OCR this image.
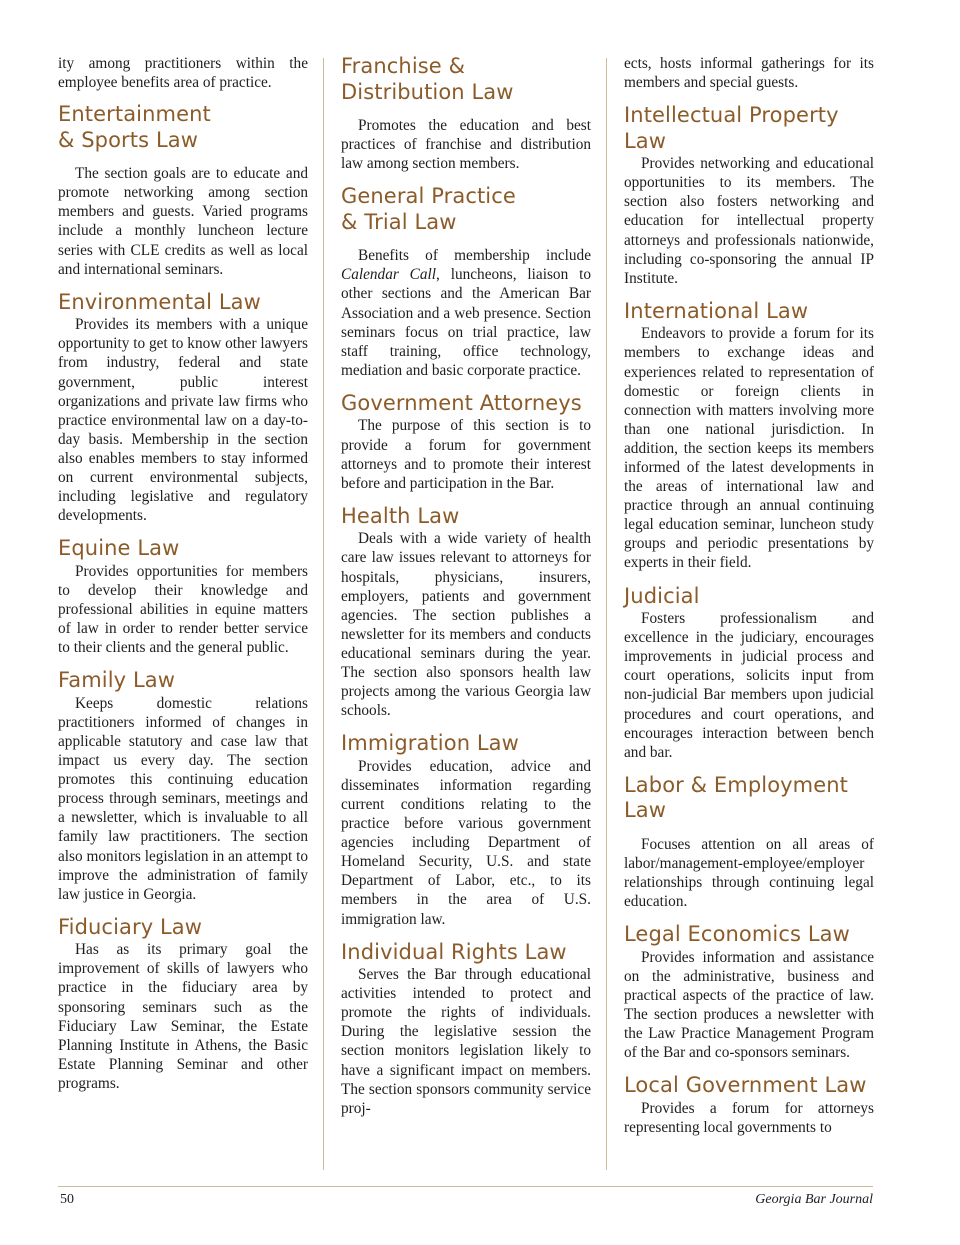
ity among practitioners within the employee benefits area of practice.

Entertainment
& Sports Law

The section goals are to educate and promote networking among section members and guests. Varied programs include a monthly luncheon lecture series with CLE credits as well as local and international seminars.

Environmental Law

Provides its members with a unique opportunity to get to know other lawyers from industry, federal and state government, public interest organizations and private law firms who practice environmental law on a day-to-day basis. Membership in the section also enables members to stay informed on current environmental subjects, including legislative and regulatory developments.

Equine Law

Provides opportunities for members to develop their knowledge and professional abilities in equine matters of law in order to render better service to their clients and the general public.

Family Law

Keeps domestic relations practitioners informed of changes in applicable statutory and case law that impact us every day. The section promotes this continuing education process through seminars, meetings and a newsletter, which is invaluable to all family law practitioners. The section also monitors legislation in an attempt to improve the administration of family law justice in Georgia.

Fiduciary Law

Has as its primary goal the improvement of skills of lawyers who practice in the fiduciary area by sponsoring seminars such as the Fiduciary Law Seminar, the Estate Planning Institute in Athens, the Basic Estate Planning Seminar and other programs.

Franchise &
Distribution Law

Promotes the education and best practices of franchise and distribution law among section members.

General Practice
& Trial Law

Benefits of membership include Calendar Call, luncheons, liaison to other sections and the American Bar Association and a web presence. Section seminars focus on trial practice, law staff training, office technology, mediation and basic corporate practice.

Government Attorneys

The purpose of this section is to provide a forum for government attorneys and to promote their interest before and participation in the Bar.

Health Law

Deals with a wide variety of health care law issues relevant to attorneys for hospitals, physicians, insurers, employers, patients and government agencies. The section publishes a newsletter for its members and conducts educational seminars during the year. The section also sponsors health law projects among the various Georgia law schools.

Immigration Law

Provides education, advice and disseminates information regarding current conditions relating to the practice before various government agencies including Department of Homeland Security, U.S. and state Department of Labor, etc., to its members in the area of U.S. immigration law.

Individual Rights Law

Serves the Bar through educational activities intended to protect and promote the rights of individuals. During the legislative session the section monitors legislation likely to have a significant impact on members. The section sponsors community service proj-

ects, hosts informal gatherings for its members and special guests.

Intellectual Property Law

Provides networking and educational opportunities to its members. The section also fosters networking and education for intellectual property attorneys and professionals nationwide, including co-sponsoring the annual IP Institute.

International Law

Endeavors to provide a forum for its members to exchange ideas and experiences related to representation of domestic or foreign clients in connection with matters involving more than one national jurisdiction. In addition, the section keeps its members informed of the latest developments in the areas of international law and practice through an annual continuing legal education seminar, luncheon study groups and periodic presentations by experts in their field.

Judicial

Fosters professionalism and excellence in the judiciary, encourages improvements in judicial process and court operations, solicits input from non-judicial Bar members upon judicial procedures and court operations, and encourages interaction between bench and bar.

Labor & Employment
Law

Focuses attention on all areas of labor/management-employee/employer relationships through continuing legal education.

Legal Economics Law

Provides information and assistance on the administrative, business and practical aspects of the practice of law. The section produces a newsletter with the Law Practice Management Program of the Bar and co-sponsors seminars.

Local Government Law

Provides a forum for attorneys representing local governments to

50	Georgia Bar Journal
